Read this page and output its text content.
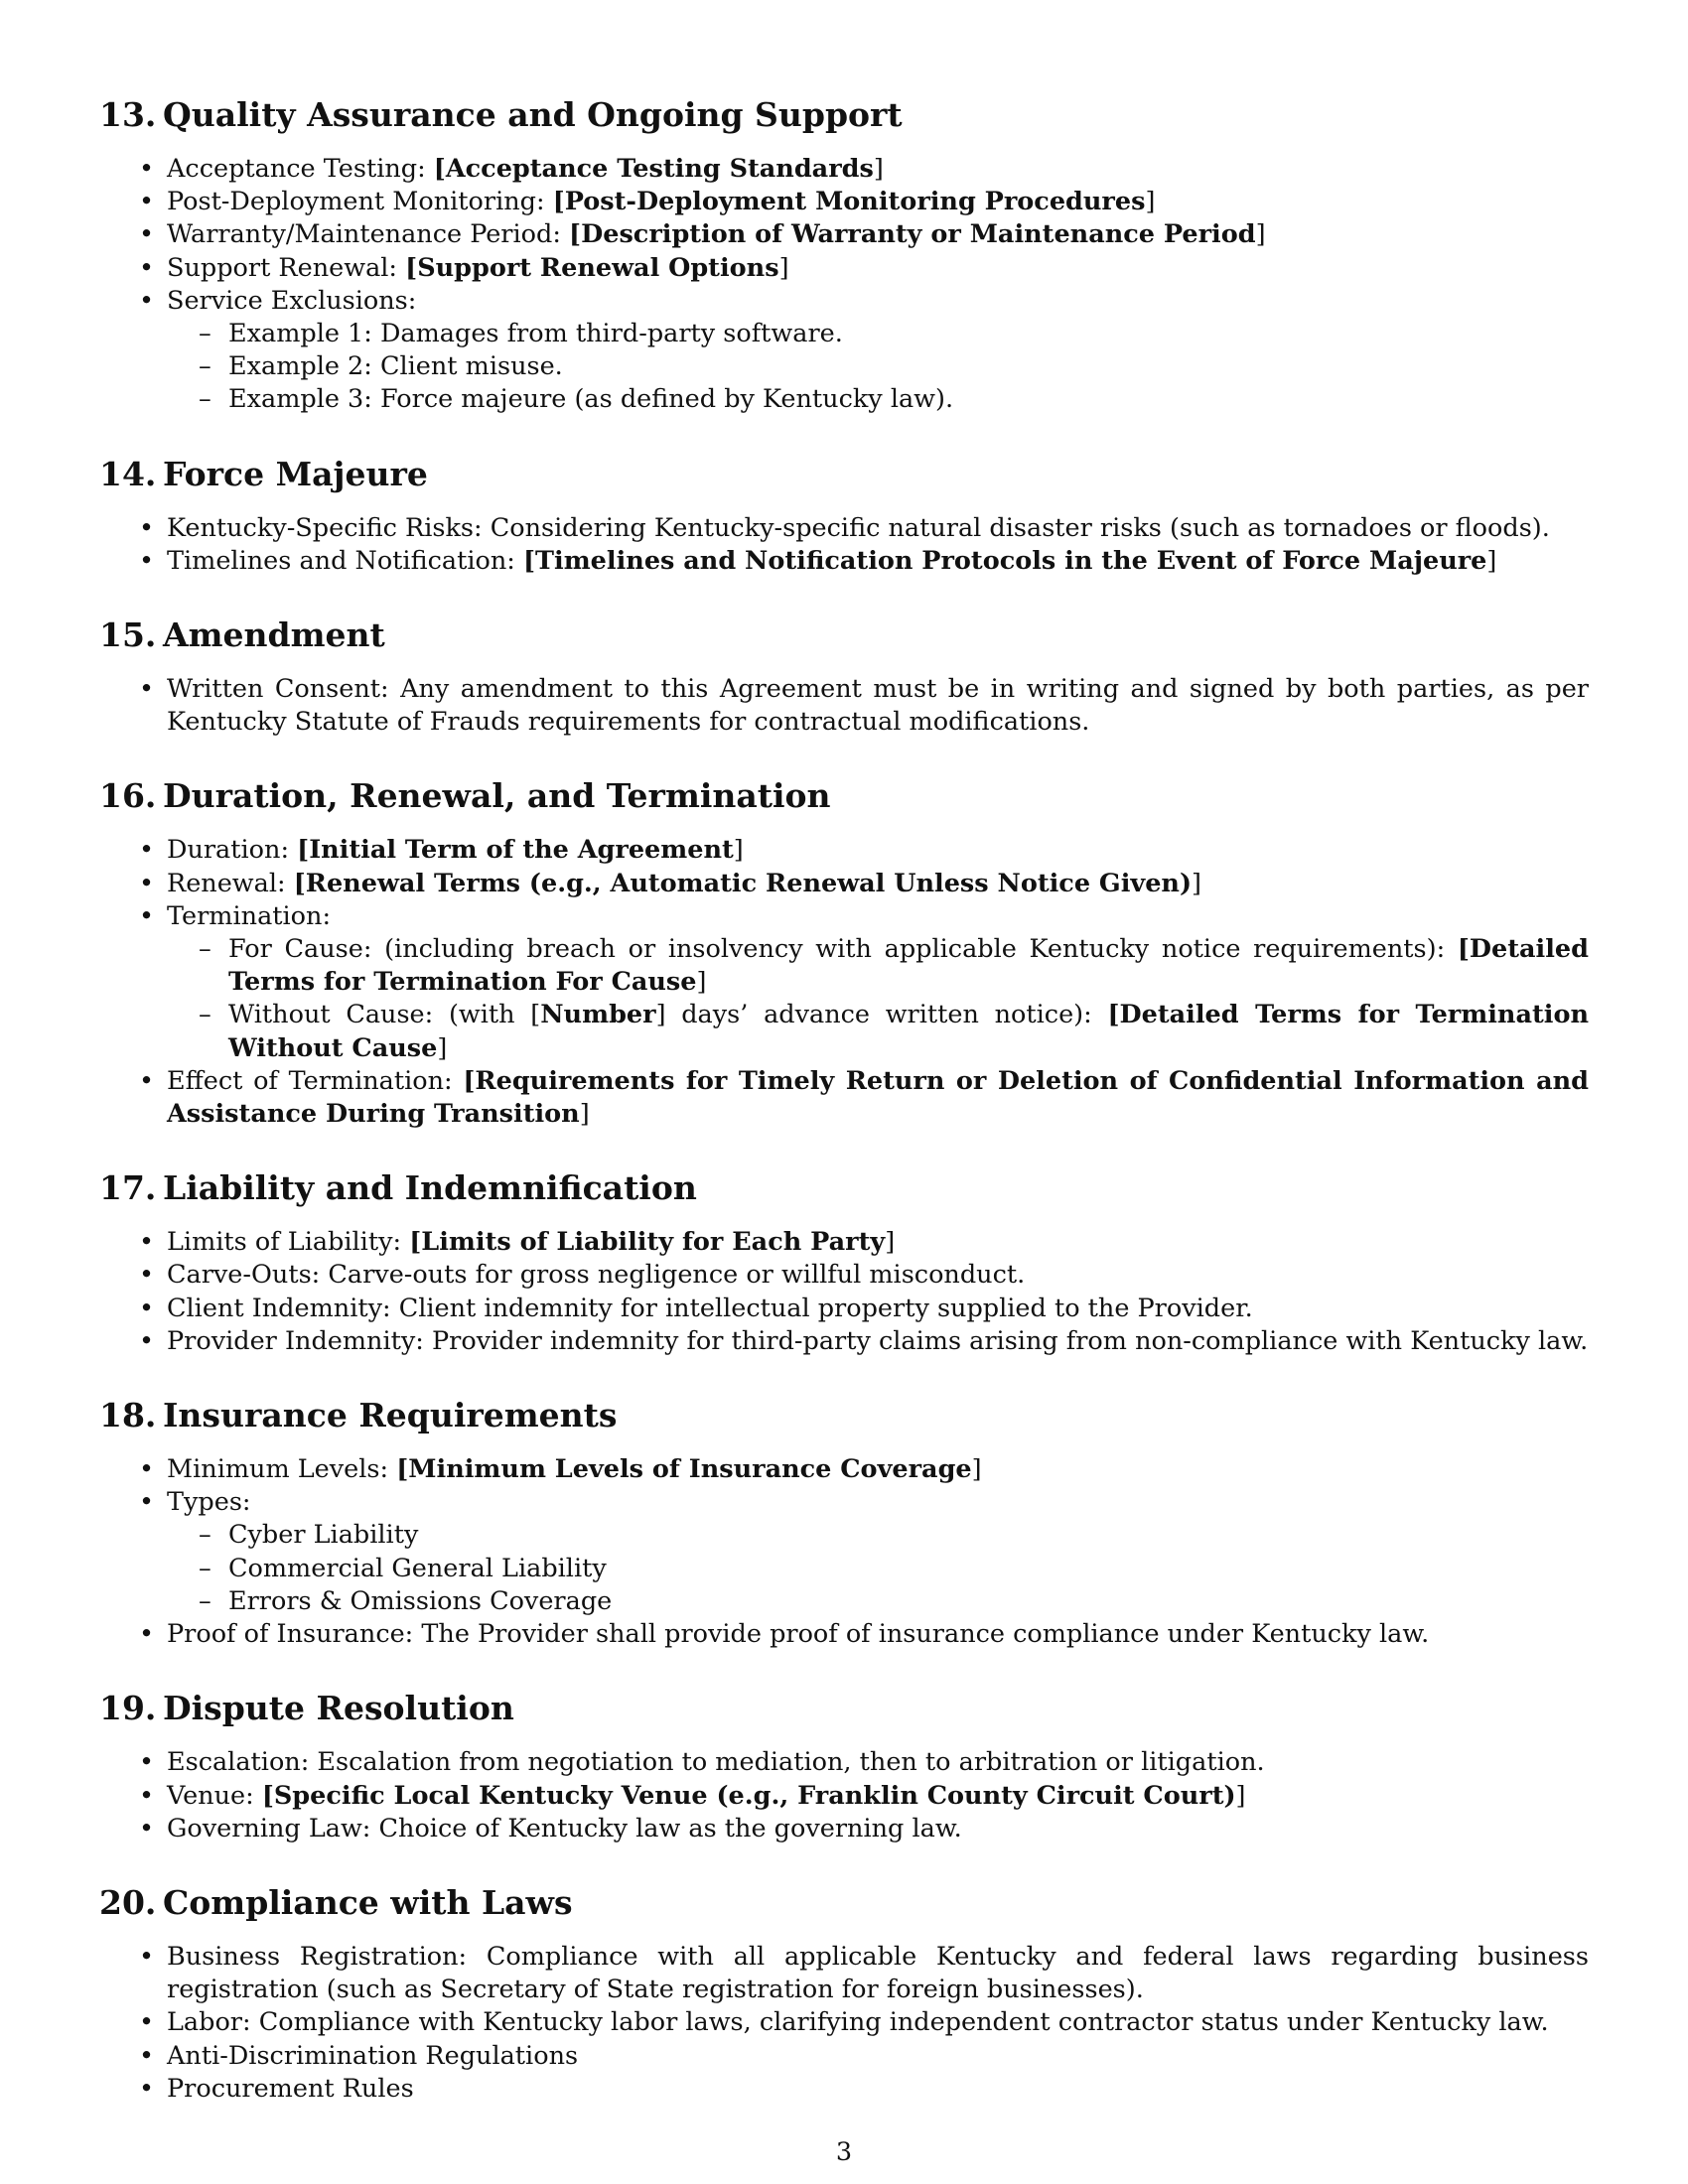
13. Quality Assurance and Ongoing Support
• Acceptance Testing: [Acceptance Testing Standards]
• Post-Deployment Monitoring: [Post-Deployment Monitoring Procedures]
• Warranty/Maintenance Period: [Description of Warranty or Maintenance Period]
• Support Renewal: [Support Renewal Options]
• Service Exclusions:
– Example 1: Damages from third-party software.
– Example 2: Client misuse.
– Example 3: Force majeure (as defined by Kentucky law).
14. Force Majeure
• Kentucky-Specific Risks: Considering Kentucky-specific natural disaster risks (such as tornadoes or floods).
• Timelines and Notification: [Timelines and Notification Protocols in the Event of Force Majeure]
15. Amendment
• Written Consent: Any amendment to this Agreement must be in writing and signed by both parties, as per Kentucky Statute of Frauds requirements for contractual modifications.
16. Duration, Renewal, and Termination
• Duration: [Initial Term of the Agreement]
• Renewal: [Renewal Terms (e.g., Automatic Renewal Unless Notice Given)]
• Termination:
– For Cause: (including breach or insolvency with applicable Kentucky notice requirements): [Detailed Terms for Termination For Cause]
– Without Cause: (with [Number] days’ advance written notice): [Detailed Terms for Termination Without Cause]
• Effect of Termination: [Requirements for Timely Return or Deletion of Confidential Information and Assistance During Transition]
17. Liability and Indemnification
• Limits of Liability: [Limits of Liability for Each Party]
• Carve-Outs: Carve-outs for gross negligence or willful misconduct.
• Client Indemnity: Client indemnity for intellectual property supplied to the Provider.
• Provider Indemnity: Provider indemnity for third-party claims arising from non-compliance with Kentucky law.
18. Insurance Requirements
• Minimum Levels: [Minimum Levels of Insurance Coverage]
• Types:
– Cyber Liability
– Commercial General Liability
– Errors & Omissions Coverage
• Proof of Insurance: The Provider shall provide proof of insurance compliance under Kentucky law.
19. Dispute Resolution
• Escalation: Escalation from negotiation to mediation, then to arbitration or litigation.
• Venue: [Specific Local Kentucky Venue (e.g., Franklin County Circuit Court)]
• Governing Law: Choice of Kentucky law as the governing law.
20. Compliance with Laws
• Business Registration: Compliance with all applicable Kentucky and federal laws regarding business registration (such as Secretary of State registration for foreign businesses).
• Labor: Compliance with Kentucky labor laws, clarifying independent contractor status under Kentucky law.
• Anti-Discrimination Regulations
• Procurement Rules
3
